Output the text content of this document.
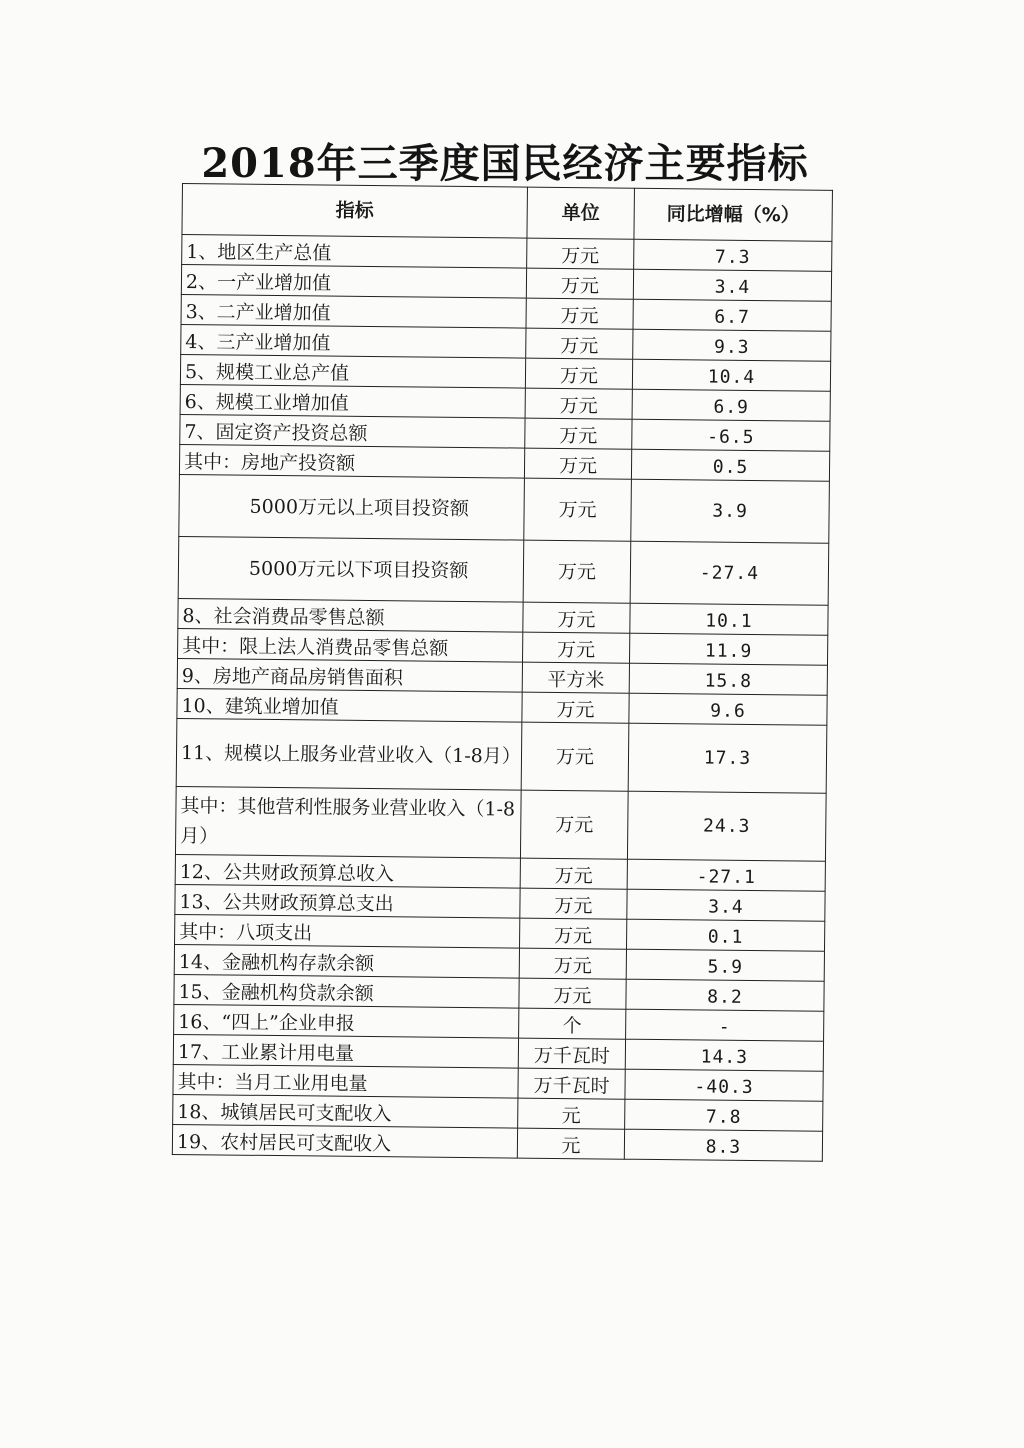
2018年三季度国民经济主要指标
指标	单位	同比增幅（%）
1、地区生产总值	万元	7.3
2、一产业增加值	万元	3.4
3、二产业增加值	万元	6.7
4、三产业增加值	万元	9.3
5、规模工业总产值	万元	10.4
6、规模工业增加值	万元	6.9
7、固定资产投资总额	万元	-6.5
其中：房地产投资额	万元	0.5
5000万元以上项目投资额	万元	3.9
5000万元以下项目投资额	万元	-27.4
8、社会消费品零售总额	万元	10.1
其中：限上法人消费品零售总额	万元	11.9
9、房地产商品房销售面积	平方米	15.8
10、建筑业增加值	万元	9.6
11、规模以上服务业营业收入（1-8月）	万元	17.3
其中：其他营利性服务业营业收入（1-8月）	万元	24.3
12、公共财政预算总收入	万元	-27.1
13、公共财政预算总支出	万元	3.4
其中：八项支出	万元	0.1
14、金融机构存款余额	万元	5.9
15、金融机构贷款余额	万元	8.2
16、“四上”企业申报	个	-
17、工业累计用电量	万千瓦时	14.3
其中：当月工业用电量	万千瓦时	-40.3
18、城镇居民可支配收入	元	7.8
19、农村居民可支配收入	元	8.3
